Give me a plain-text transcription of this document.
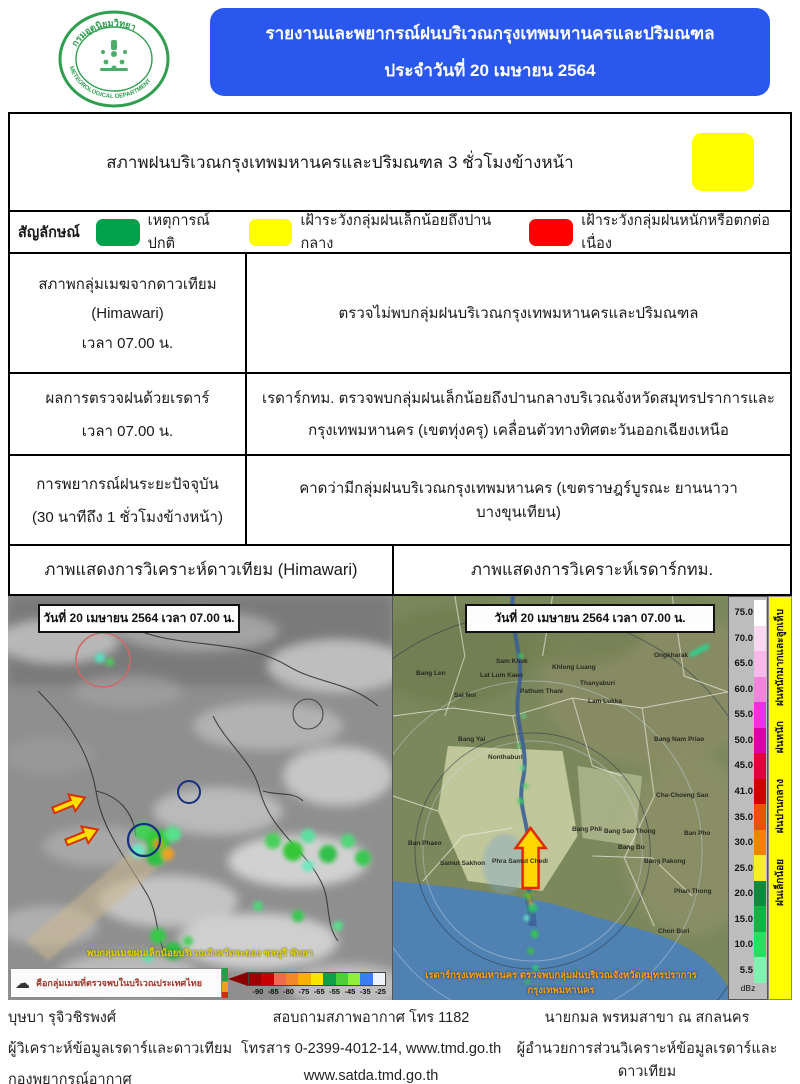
กรมอุตุนิยมวิทยา
METEOROLOGICAL DEPARTMENT
รายงานและพยากรณ์ฝนบริเวณกรุงเทพมหานครและปริมณฑล
ประจำวันที่ 20 เมษายน 2564
สภาพฝนบริเวณกรุงเทพมหานครและปริมณฑล 3 ชั่วโมงข้างหน้า
สัญลักษณ์
เหตุการณ์ปกติ
เฝ้าระวังกลุ่มฝนเล็กน้อยถึงปานกลาง
เฝ้าระวังกลุ่มฝนหนักหรือตกต่อเนื่อง
สภาพกลุ่มเมฆจากดาวเทียม
(Himawari)
เวลา 07.00 น.
ตรวจไม่พบกลุ่มฝนบริเวณกรุงเทพมหานครและปริมณฑล
ผลการตรวจฝนด้วยเรดาร์
เวลา 07.00 น.
เรดาร์กทม. ตรวจพบกลุ่มฝนเล็กน้อยถึงปานกลางบริเวณจังหวัดสมุทรปราการและ
กรุงเทพมหานคร (เขตทุ่งครุ) เคลื่อนตัวทางทิศตะวันออกเฉียงเหนือ
การพยากรณ์ฝนระยะปัจจุบัน
(30 นาทีถึง 1 ชั่วโมงข้างหน้า)
คาดว่ามีกลุ่มฝนบริเวณกรุงเทพมหานคร (เขตราษฎร์บูรณะ ยานนาวา บางขุนเทียน)
ภาพแสดงการวิเคราะห์ดาวเทียม (Himawari)	ภาพแสดงการวิเคราะห์เรดาร์กทม.
วันที่ 20 เมษายน 2564 เวลา 07.00 น.
พบกลุ่มเมฆฝนเล็กน้อยบริเวณจังหวัดระยอง ชลบุรี พัทยา
☁ คือกลุ่มเมฆที่ตรวจพบในบริเวณประเทศไทย
-90 -85 -80 -75 -65 -55 -45 -35 -25
วันที่ 20 เมษายน 2564 เวลา 07.00 น.
เรดาร์กรุงเทพมหานคร ตรวจพบกลุ่มฝนบริเวณจังหวัดสมุทรปราการ กรุงเทพมหานคร
Bang Len
Sai Noi
Lat Lum Kaeo
Sam Khok
Khlong Luang
Ongkharak
Pathum Thani
Thanyaburi
Lam Lukka
Bang Yai
Nonthaburi
Bang Nam Priao
Ban Phaeo
Samut Sakhon Phra Samut Chedi
Bang Phli Bang Sao Thong
Bang Bo
Cha-Choeng Sao
Ban Pho
Bang Pakong
Phan Thong
Chon Buri
75.0
70.0
65.0
60.0
55.0
50.0
45.0
41.0
35.0
30.0
25.0
20.0
15.0
10.0
5.5
dBz
ฝนหนักมากและลูกเห็บ
ฝนหนัก
ฝนปานกลาง
ฝนเล็กน้อย
บุษบา รุจิวชิรพงศ์
ผู้วิเคราะห์ข้อมูลเรดาร์และดาวเทียม
กองพยากรณ์อากาศ
สอบถามสภาพอากาศ โทร 1182
โทรสาร 0-2399-4012-14, www.tmd.go.th
www.satda.tmd.go.th
นายกมล พรหมสาขา ณ สกลนคร
ผู้อำนวยการส่วนวิเคราะห์ข้อมูลเรดาร์และดาวเทียม
